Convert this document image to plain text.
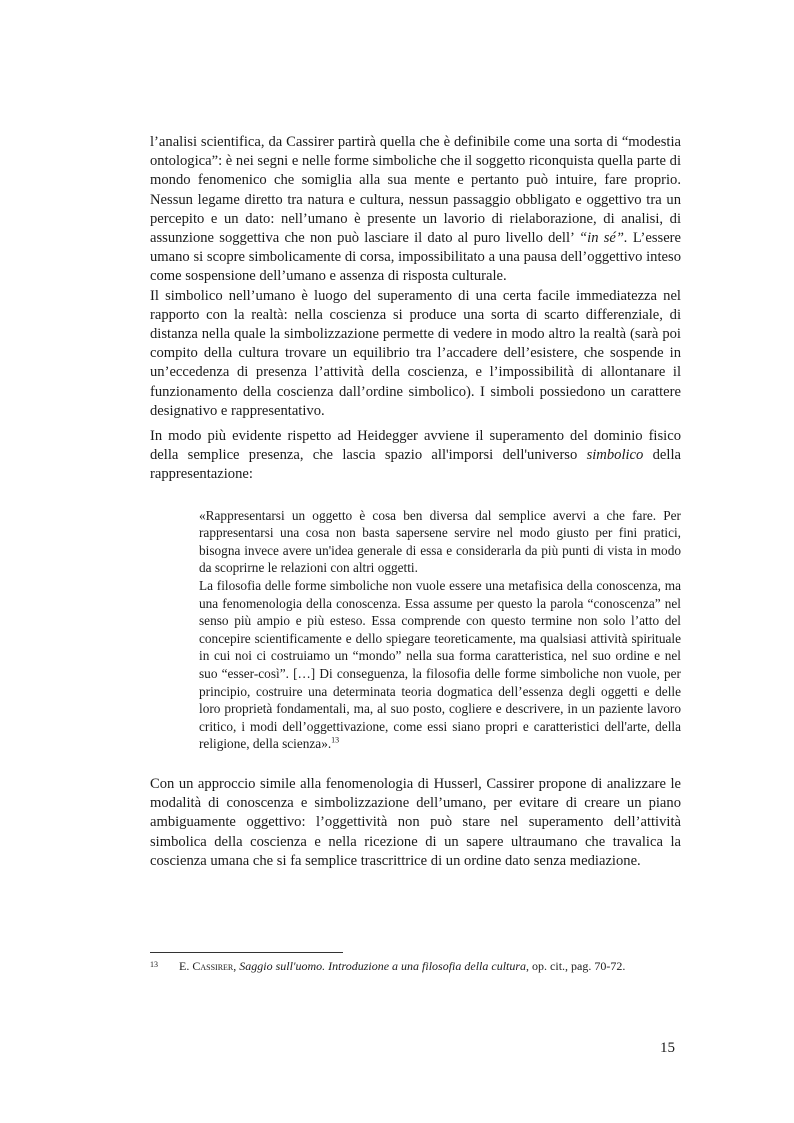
l’analisi scientifica, da Cassirer partirà quella che è definibile come una sorta di “modestia ontologica”: è nei segni e nelle forme simboliche che il soggetto riconquista quella parte di mondo fenomenico che somiglia alla sua mente e pertanto può intuire, fare proprio. Nessun legame diretto tra natura e cultura, nessun passaggio obbligato e oggettivo tra un percepito e un dato: nell’umano è presente un lavorio di rielaborazione, di analisi, di assunzione soggettiva che non può lasciare il dato al puro livello dell’ “in sé”. L’essere umano si scopre simbolicamente di corsa, impossibilitato a una pausa dell’oggettivo inteso come sospensione dell’umano e assenza di risposta culturale.

Il simbolico nell’umano è luogo del superamento di una certa facile immediatezza nel rapporto con la realtà: nella coscienza si produce una sorta di scarto differenziale, di distanza nella quale la simbolizzazione permette di vedere in modo altro la realtà (sarà poi compito della cultura trovare un equilibrio tra l’accadere dell’esistere, che sospende in un’eccedenza di presenza l’attività della coscienza, e l’impossibilità di allontanare il funzionamento della coscienza dall’ordine simbolico). I simboli possiedono un carattere designativo e rappresentativo.

In modo più evidente rispetto ad Heidegger avviene il superamento del dominio fisico della semplice presenza, che lascia spazio all'imporsi dell'universo simbolico della rappresentazione:

«Rappresentarsi un oggetto è cosa ben diversa dal semplice avervi a che fare. Per rappresentarsi una cosa non basta sapersene servire nel modo giusto per fini pratici, bisogna invece avere un'idea generale di essa e considerarla da più punti di vista in modo da scoprirne le relazioni con altri oggetti.

La filosofia delle forme simboliche non vuole essere una metafisica della conoscenza, ma una fenomenologia della conoscenza. Essa assume per questo la parola “conoscenza” nel senso più ampio e più esteso. Essa comprende con questo termine non solo l’atto del concepire scientificamente e dello spiegare teoreticamente, ma qualsiasi attività spirituale in cui noi ci costruiamo un “mondo” nella sua forma caratteristica, nel suo ordine e nel suo “esser-così”. […] Di conseguenza, la filosofia delle forme simboliche non vuole, per principio, costruire una determinata teoria dogmatica dell’essenza degli oggetti e delle loro proprietà fondamentali, ma, al suo posto, cogliere e descrivere, in un paziente lavoro critico, i modi dell’oggettivazione, come essi siano propri e caratteristici dell'arte, della religione, della scienza».$^{13}$

Con un approccio simile alla fenomenologia di Husserl, Cassirer propone di analizzare le modalità di conoscenza e simbolizzazione dell’umano, per evitare di creare un piano ambiguamente oggettivo: l’oggettività non può stare nel superamento dell’attività simbolica della coscienza e nella ricezione di un sapere ultraumano che travalica la coscienza umana che si fa semplice trascrittrice di un ordine dato senza mediazione.

13 E. Cassirer, Saggio sull'uomo. Introduzione a una filosofia della cultura, op. cit., pag. 70-72.
15
